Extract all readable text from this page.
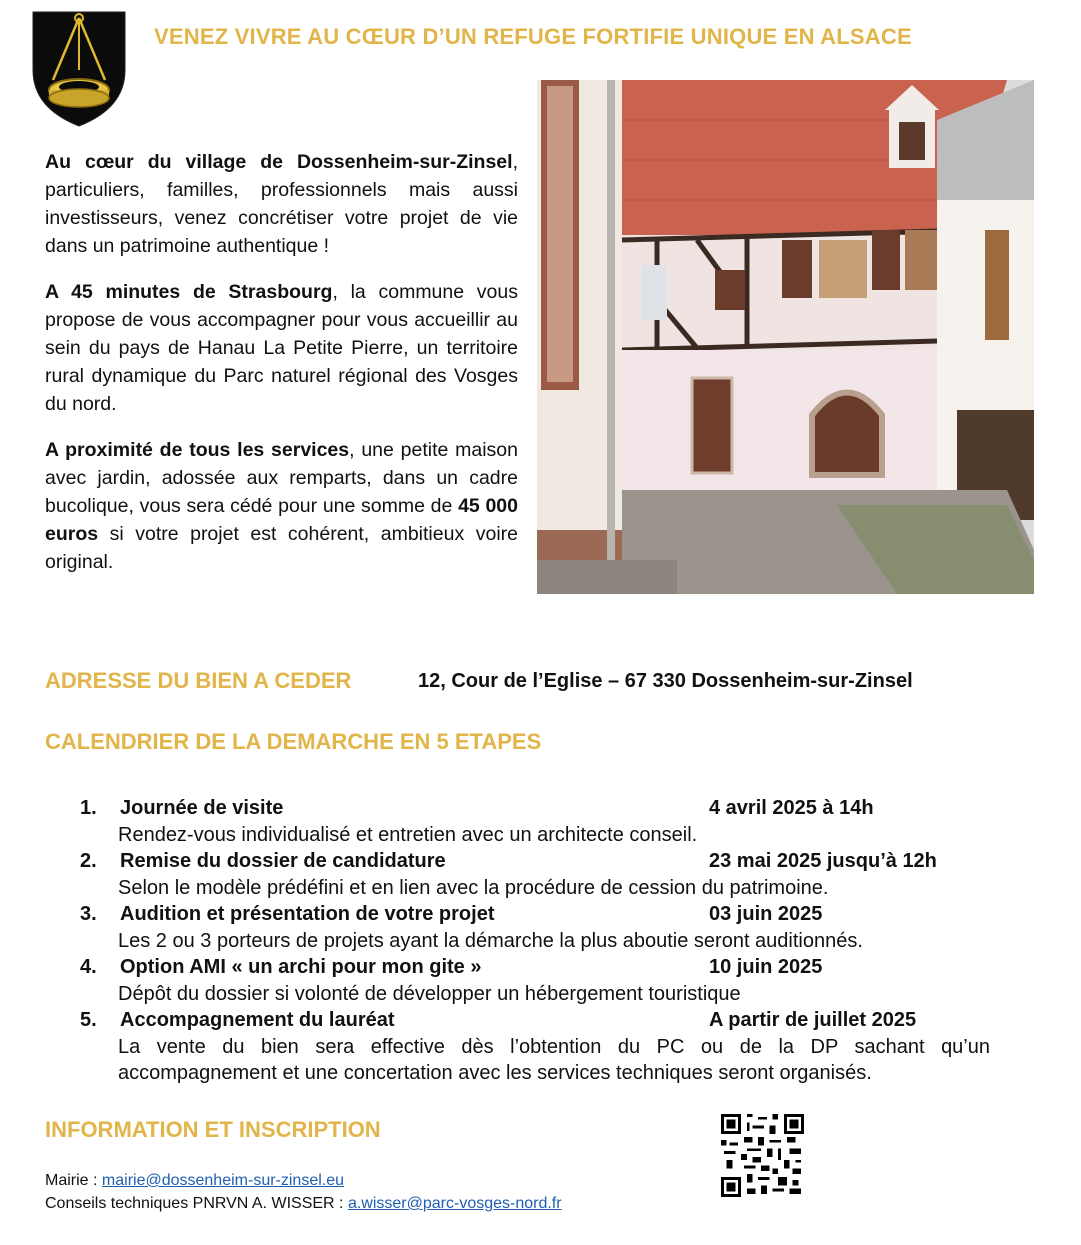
VENEZ VIVRE AU CŒUR D’UN REFUGE FORTIFIE UNIQUE EN ALSACE

Au cœur du village de Dossenheim-sur-Zinsel, particuliers, familles, professionnels mais aussi investisseurs, venez concrétiser votre projet de vie dans un patrimoine authentique !

A 45 minutes de Strasbourg, la commune vous propose de vous accompagner pour vous accueillir au sein du pays de Hanau La Petite Pierre, un territoire rural dynamique du Parc naturel régional des Vosges du nord.

A proximité de tous les services, une petite maison avec jardin, adossée aux remparts, dans un cadre bucolique, vous sera cédé pour une somme de 45 000 euros si votre projet est cohérent, ambitieux voire original.

ADRESSE DU BIEN A CEDER	12, Cour de l’Eglise – 67 330 Dossenheim-sur-Zinsel
CALENDRIER DE LA DEMARCHE EN 5 ETAPES
1.	Journée de visite	4 avril 2025 à 14h
Rendez-vous individualisé et entretien avec un architecte conseil.
2.	Remise du dossier de candidature	23 mai 2025 jusqu’à 12h
Selon le modèle prédéfini et en lien avec la procédure de cession du patrimoine.
3.	Audition et présentation de votre projet	03 juin 2025
Les 2 ou 3 porteurs de projets ayant la démarche la plus aboutie seront auditionnés.
4.	Option AMI « un archi pour mon gite »	10 juin 2025
Dépôt du dossier si volonté de développer un hébergement touristique
5.	Accompagnement du lauréat	A partir de juillet 2025
La vente du bien sera effective dès l’obtention du PC ou de la DP sachant qu’un accompagnement et une concertation avec les services techniques seront organisés.
INFORMATION ET INSCRIPTION
Mairie : mairie@dossenheim-sur-zinsel.eu
Conseils techniques PNRVN A. WISSER : a.wisser@parc-vosges-nord.fr
